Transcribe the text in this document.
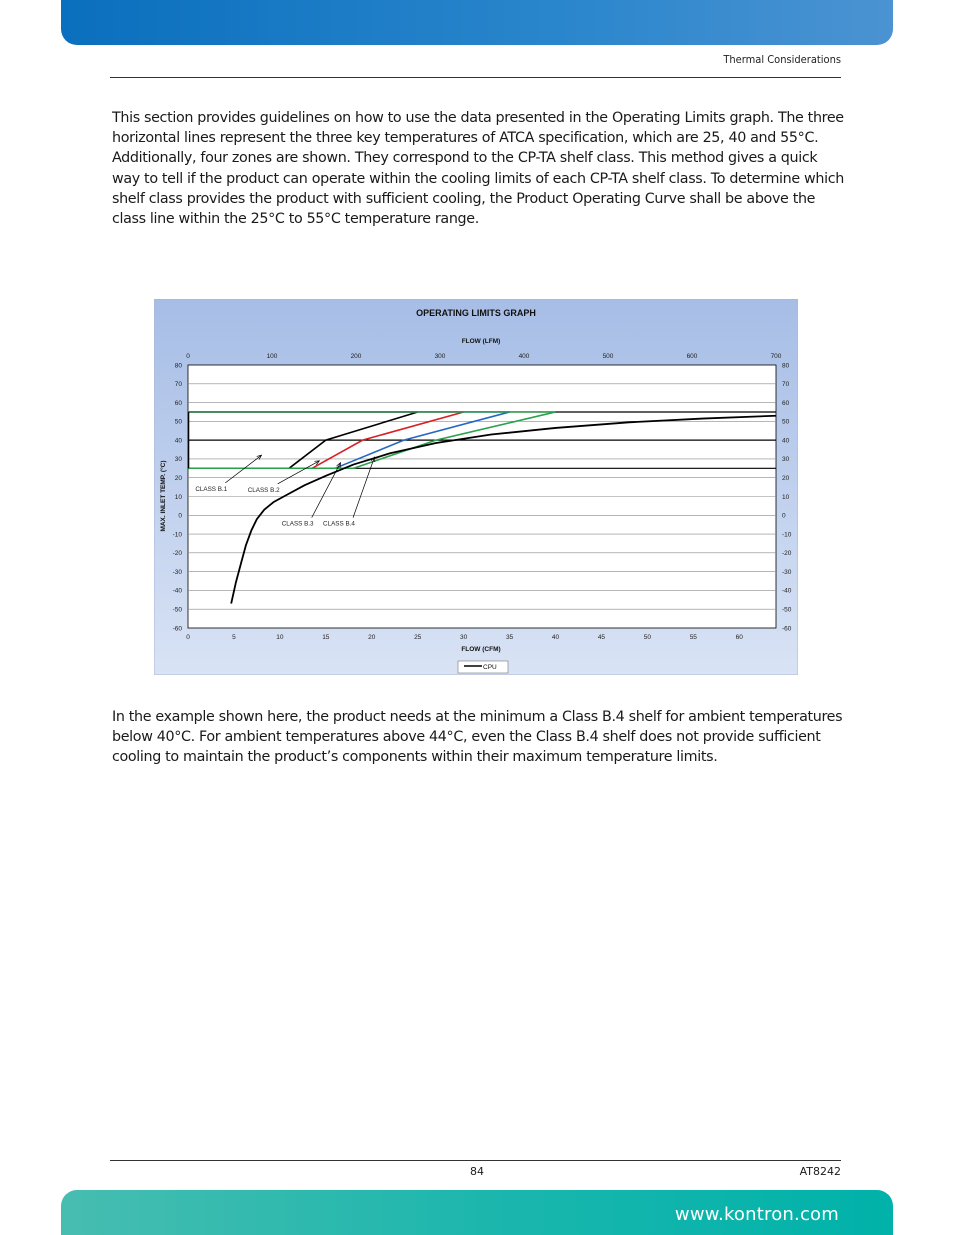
Thermal Considerations
This section provides guidelines on how to use the data presented in the Operating Limits graph. The three horizontal lines represent the three key temperatures of ATCA specification, which are 25, 40 and 55°C. Additionally, four zones are shown. They correspond to the CP-TA shelf class. This method gives a quick way to tell if the product can operate within the cooling limits of each CP-TA shelf class. To determine which shelf class provides the product with sufficient cooling, the Product Operating Curve shall be above the class line within the 25°C to 55°C temperature range.
CLASS B.1	CLASS B.2
CLASS B.3 CLASS B.4
80	80
70	70
60	60
50	50
40	40
30	30
20	20
10	10
0	0
-10	-10
-20	-20
-30	-30
-40	-40
-50	-50
-60	-60
0	5	10	15	20	25	30	35	40	45	50	55	60
0	100	200	300	400	500	600	700
OPERATING LIMITS GRAPH
FLOW (LFM)
FLOW (CFM)
MAX. INLET TEMP. (°C)
CPU
In the example shown here, the product needs at the minimum a Class B.4 shelf for ambient temperatures below 40°C. For ambient temperatures above 44°C, even the Class B.4 shelf does not provide sufficient cooling to maintain the product’s components within their maximum temperature limits.
84	AT8242
www.kontron.com
